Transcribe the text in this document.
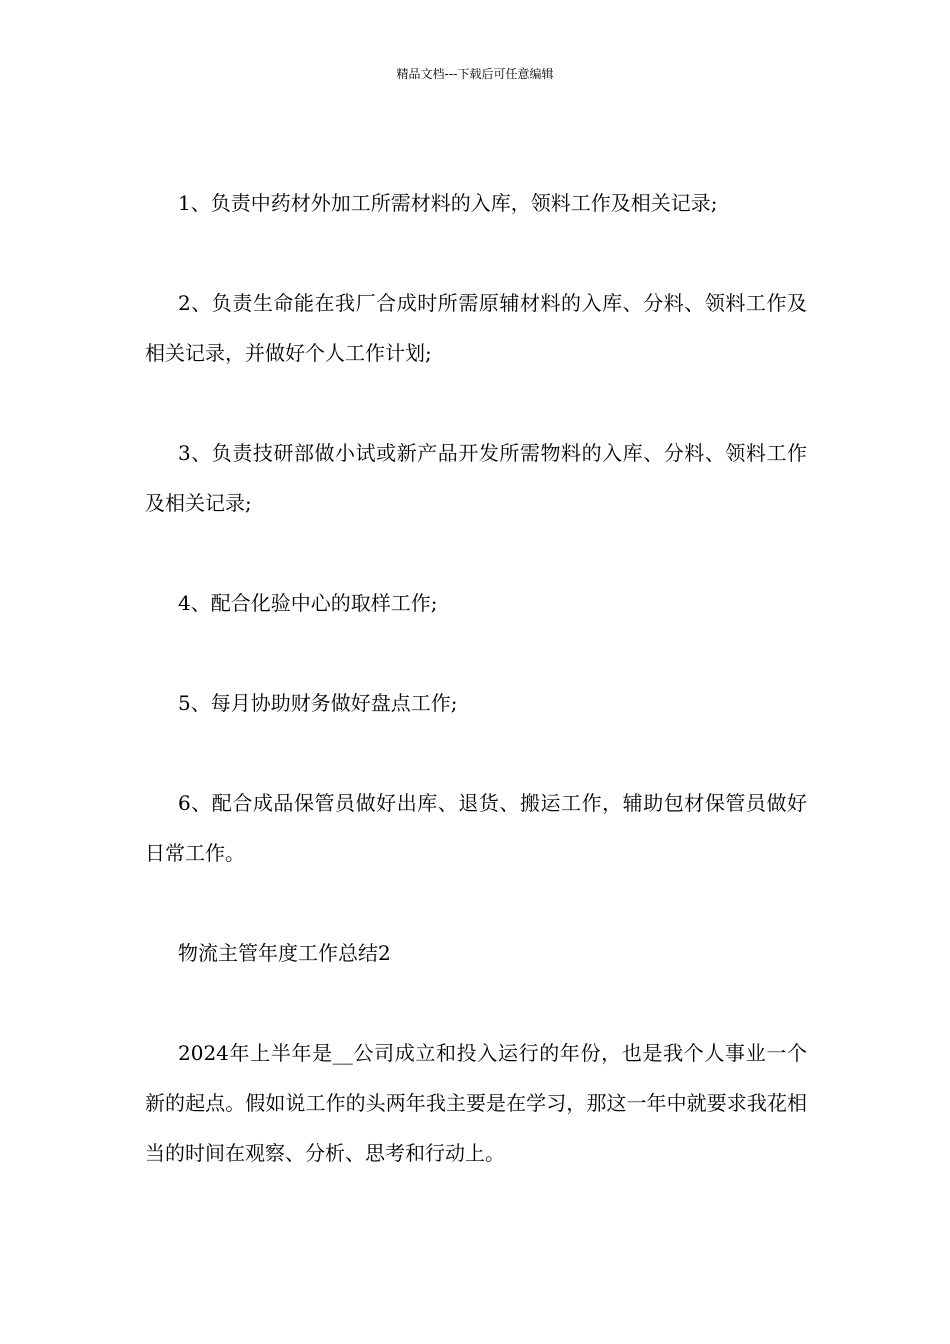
精品文档---下载后可任意编辑

1、负责中药材外加工所需材料的入库，领料工作及相关记录;

2、负责生命能在我厂合成时所需原辅材料的入库、分料、领料工作及相关记录，并做好个人工作计划;

3、负责技研部做小试或新产品开发所需物料的入库、分料、领料工作及相关记录;

4、配合化验中心的取样工作;

5、每月协助财务做好盘点工作;

6、配合成品保管员做好出库、退货、搬运工作，辅助包材保管员做好日常工作。

物流主管年度工作总结2

2024年上半年是__公司成立和投入运行的年份，也是我个人事业一个新的起点。假如说工作的头两年我主要是在学习，那这一年中就要求我花相当的时间在观察、分析、思考和行动上。
